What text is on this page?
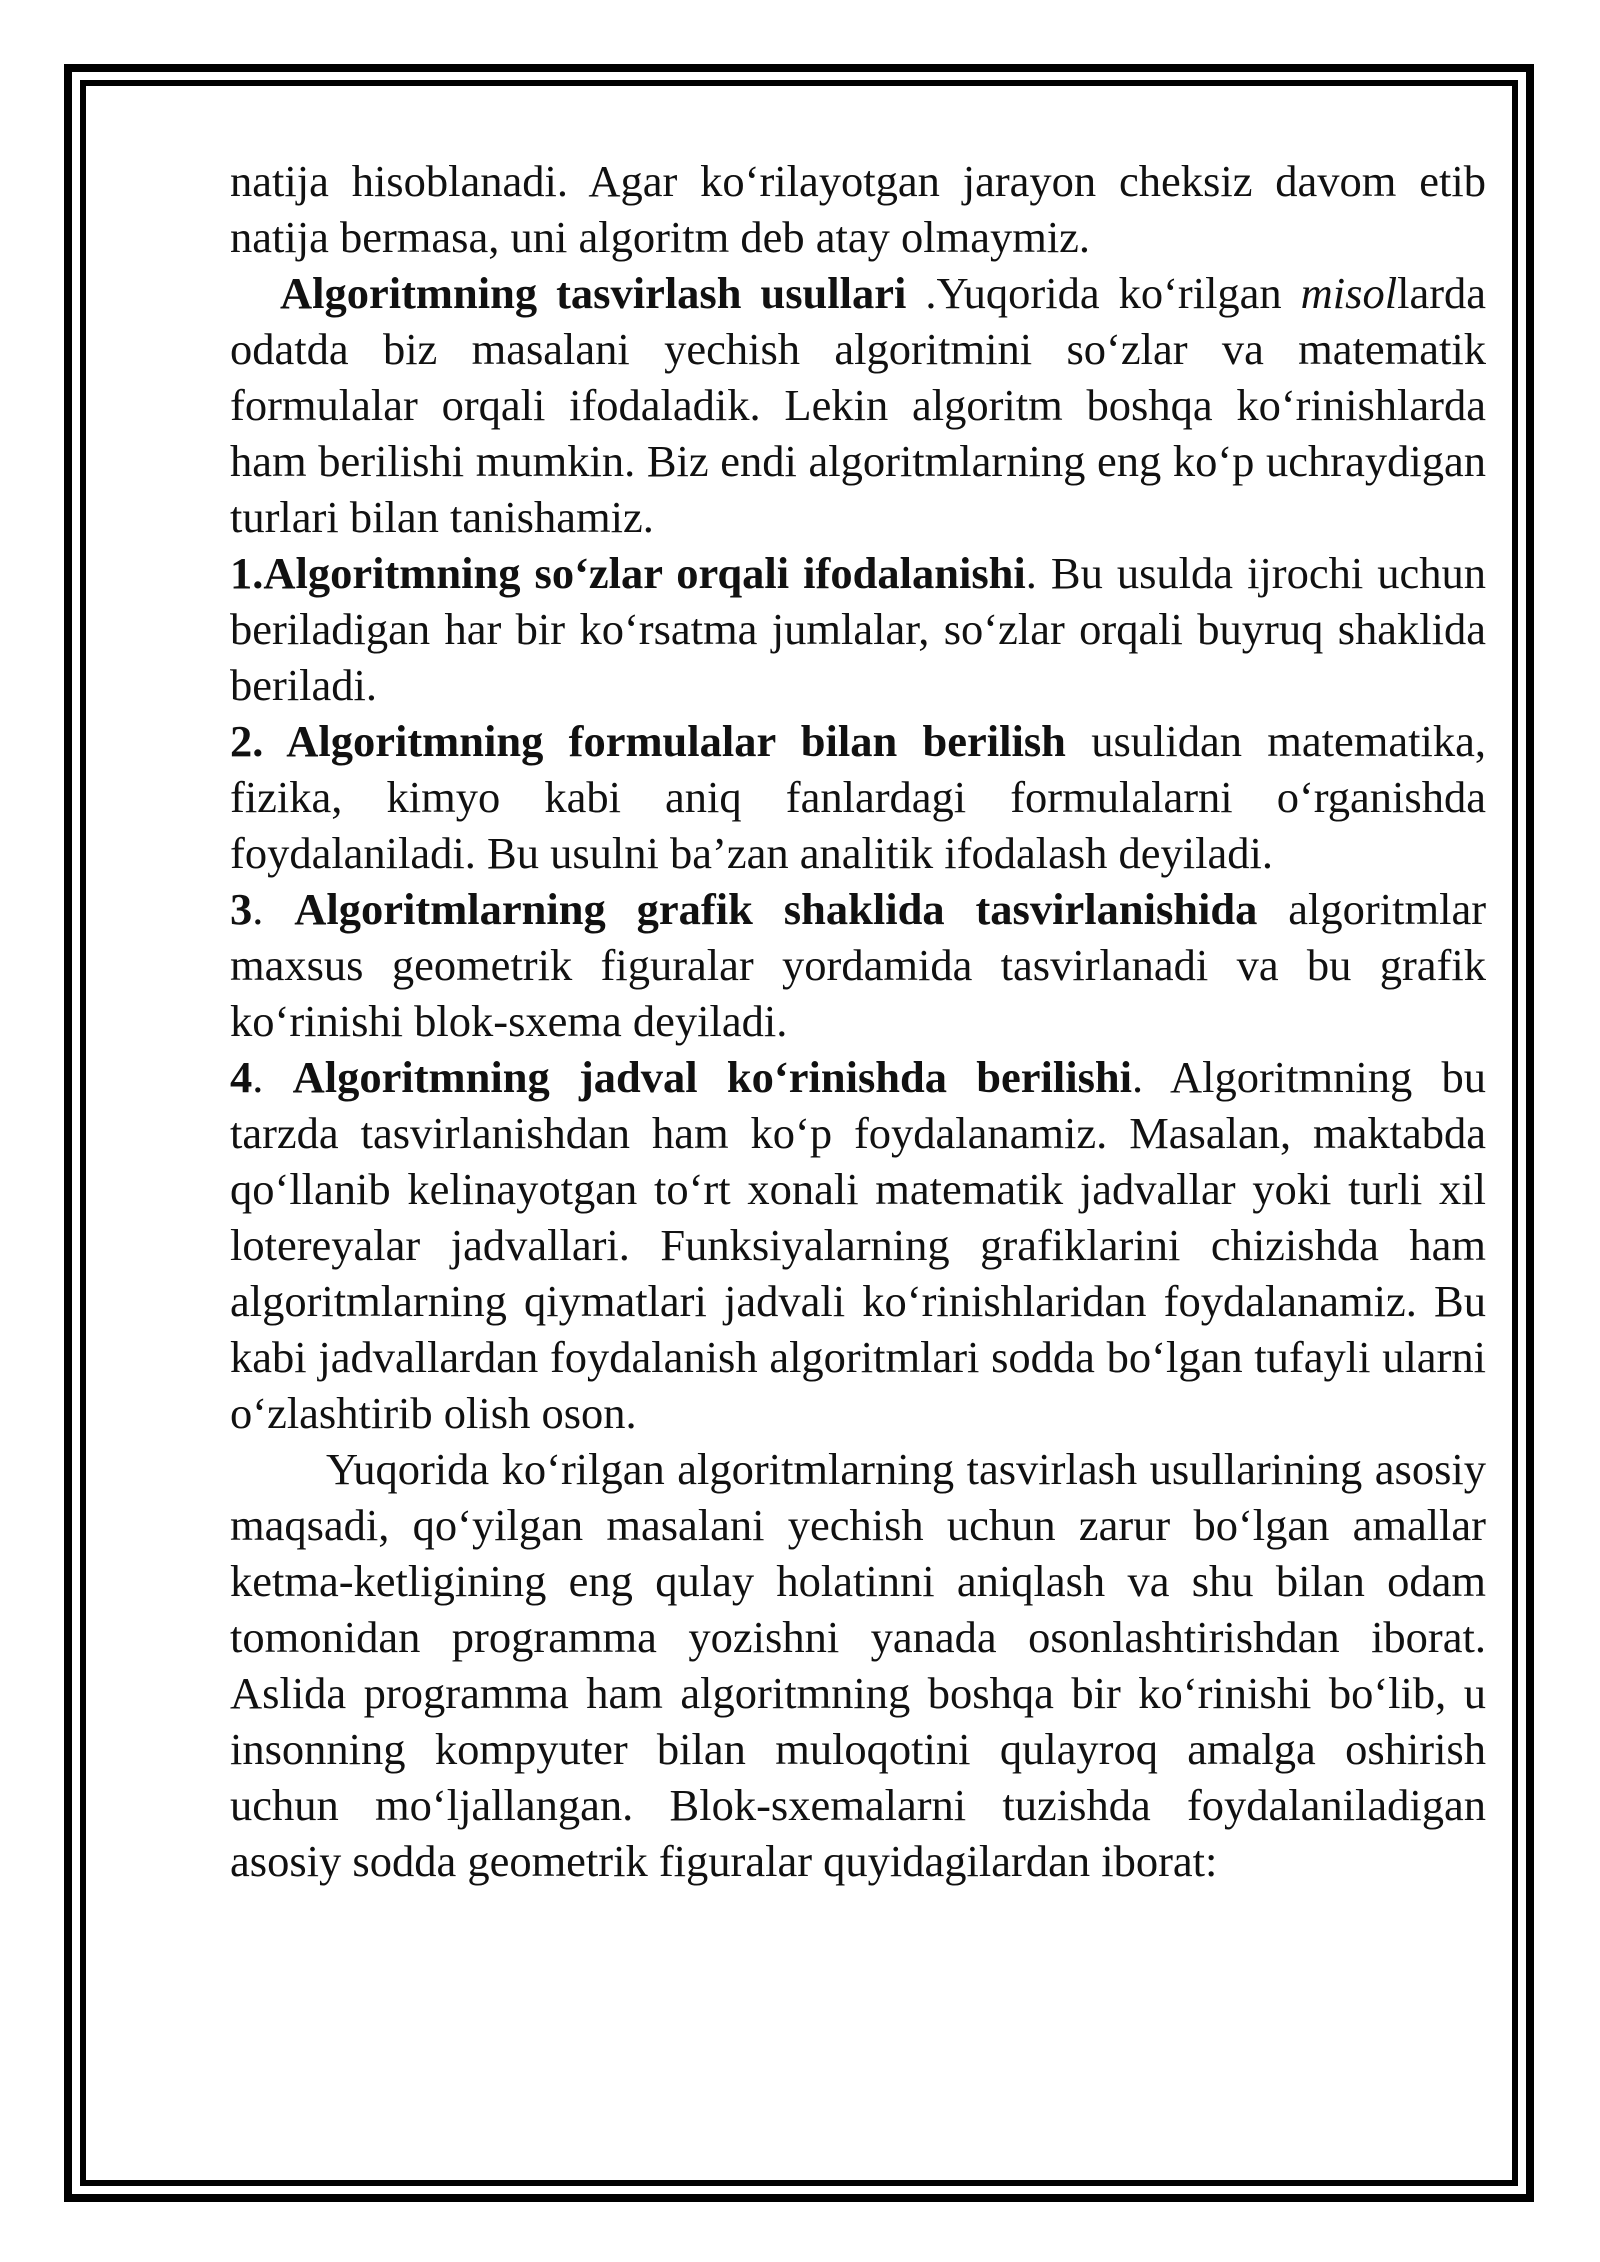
natija hisoblanadi. Agar ko‘rilayotgan jarayon cheksiz davom etib natija bermasa, uni algoritm deb atay olmaymiz.

Algoritmning tasvirlash usullari .Yuqorida ko‘rilgan misollarda odatda biz masalani yechish algoritmini so‘zlar va matematik formulalar orqali ifodaladik. Lekin algoritm boshqa ko‘rinishlarda ham berilishi mumkin. Biz endi algoritmlarning eng ko‘p uchraydigan turlari bilan tanishamiz.

1.Algoritmning so‘zlar orqali ifodalanishi. Bu usulda ijrochi uchun beriladigan har bir ko‘rsatma jumlalar, so‘zlar orqali buyruq shaklida beriladi.

2. Algoritmning formulalar bilan berilish usulidan matematika, fizika, kimyo kabi aniq fanlardagi formulalarni o‘rganishda foydalaniladi. Bu usulni ba’zan analitik ifodalash deyiladi.

3. Algoritmlarning grafik shaklida tasvirlanishida algoritmlar maxsus geometrik figuralar yordamida tasvirlanadi va bu grafik ko‘rinishi blok-sxema deyiladi.

4. Algoritmning jadval ko‘rinishda berilishi. Algoritmning bu tarzda tasvirlanishdan ham ko‘p foydalanamiz. Masalan, maktabda qo‘llanib kelinayotgan to‘rt xonali matematik jadvallar yoki turli xil lotereyalar jadvallari. Funksiyalarning grafiklarini chizishda ham algoritmlarning qiymatlari jadvali ko‘rinishlaridan foydalanamiz. Bu kabi jadvallardan foydalanish algoritmlari sodda bo‘lgan tufayli ularni o‘zlashtirib olish oson.

Yuqorida ko‘rilgan algoritmlarning tasvirlash usullarining asosiy maqsadi, qo‘yilgan masalani yechish uchun zarur bo‘lgan amallar ketma-ketligining eng qulay holatinni aniqlash va shu bilan odam tomonidan programma yozishni yanada osonlashtirishdan iborat. Aslida programma ham algoritmning boshqa bir ko‘rinishi bo‘lib, u insonning kompyuter bilan muloqotini qulayroq amalga oshirish uchun mo‘ljallangan. Blok-sxemalarni tuzishda foydalaniladigan asosiy sodda geometrik figuralar quyidagilardan iborat:
